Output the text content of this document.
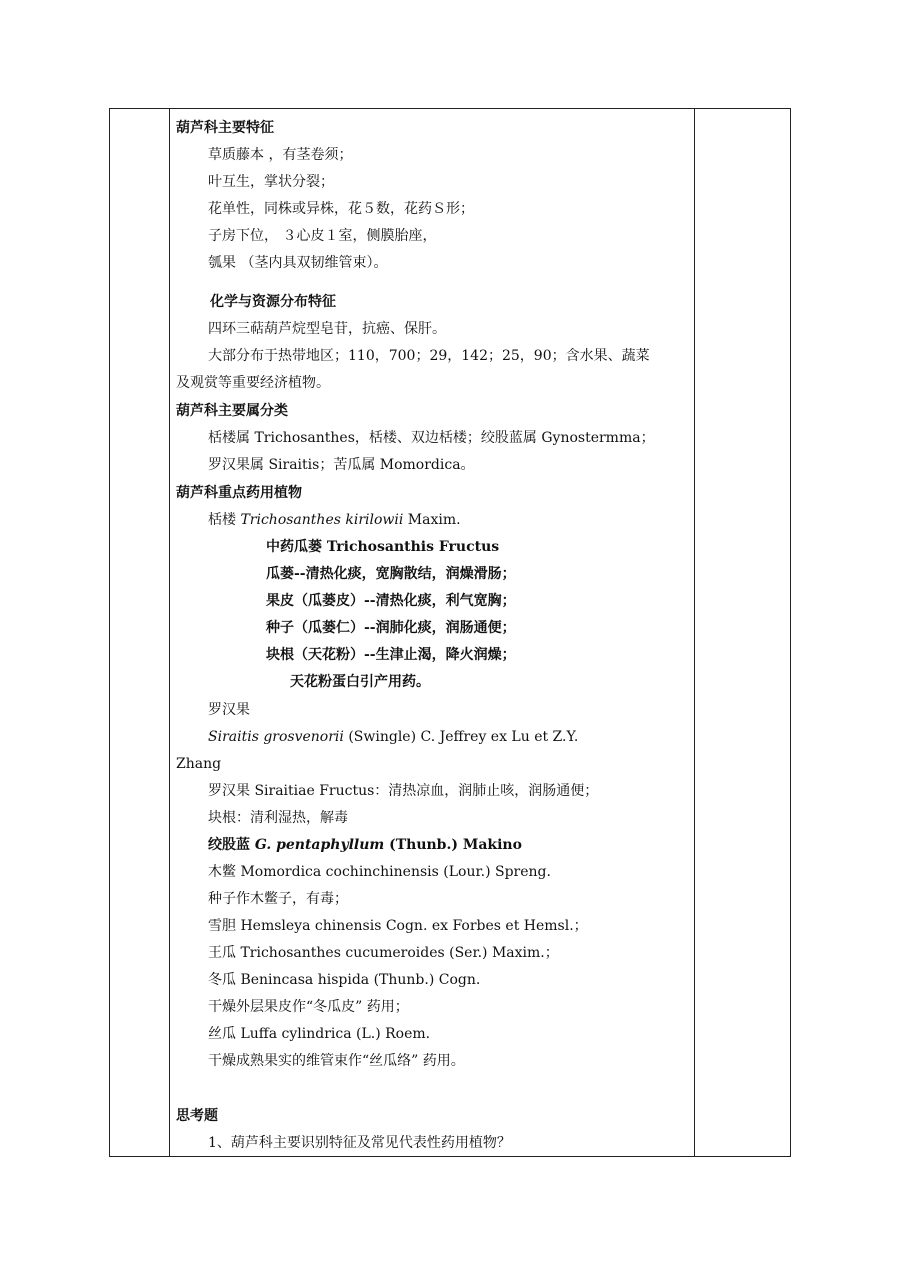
葫芦科主要特征
草质藤本 ，有茎卷须；
叶互生，掌状分裂；
花单性，同株或异株，花５数，花药Ｓ形；
子房下位， ３心皮１室，侧膜胎座，
瓠果 （茎内具双韧维管束）。
化学与资源分布特征
四环三萜葫芦烷型皂苷，抗癌、保肝。
大部分布于热带地区；110，700；29，142；25，90；含水果、蔬菜
及观赏等重要经济植物。
葫芦科主要属分类
栝楼属 Trichosanthes，栝楼、双边栝楼；绞股蓝属 Gynostermma；
罗汉果属 Siraitis；苦瓜属 Momordica。
葫芦科重点药用植物
栝楼 Trichosanthes kirilowii Maxim.
中药瓜蒌 Trichosanthis Fructus
瓜蒌--清热化痰，宽胸散结，润燥滑肠；
果皮（瓜蒌皮）--清热化痰，利气宽胸；
种子（瓜蒌仁）--润肺化痰，润肠通便；
块根（天花粉）--生津止渴，降火润燥；
天花粉蛋白引产用药。
罗汉果
Siraitis grosvenorii (Swingle) C. Jeffrey ex Lu et Z.Y.
Zhang
罗汉果 Siraitiae Fructus：清热凉血，润肺止咳，润肠通便；
块根：清利湿热，解毒
绞股蓝 G. pentaphyllum (Thunb.) Makino
木鳖 Momordica cochinchinensis (Lour.) Spreng.
种子作木鳖子，有毒；
雪胆 Hemsleya chinensis Cogn. ex Forbes et Hemsl.；
王瓜 Trichosanthes cucumeroides (Ser.) Maxim.；
冬瓜 Benincasa hispida (Thunb.) Cogn.
干燥外层果皮作“冬瓜皮” 药用；
丝瓜 Luffa cylindrica (L.) Roem.
干燥成熟果实的维管束作“丝瓜络” 药用。
思考题
1、葫芦科主要识别特征及常见代表性药用植物？
